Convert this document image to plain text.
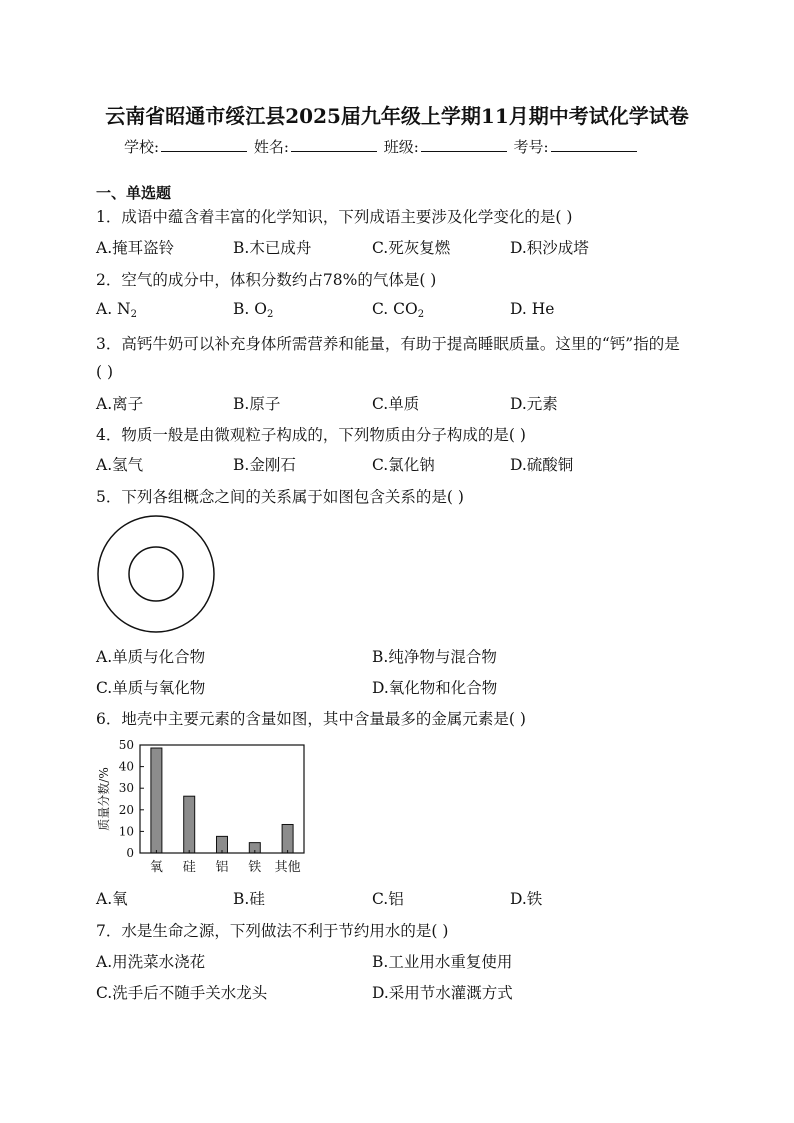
云南省昭通市绥江县2025届九年级上学期11月期中考试化学试卷
学校:	姓名:	班级:	考号:
一、单选题
1．成语中蕴含着丰富的化学知识，下列成语主要涉及化学变化的是( )
A.掩耳盗铃	B.木已成舟	C.死灰复燃	D.积沙成塔
2．空气的成分中，体积分数约占78%的气体是( )
A. $N_2$	B. $O_2$	C. $CO_2$	D. He
3．高钙牛奶可以补充身体所需营养和能量，有助于提高睡眠质量。这里的“钙”指的是
( )
A.离子	B.原子	C.单质	D.元素
4．物质一般是由微观粒子构成的，下列物质由分子构成的是( )
A.氢气	B.金刚石	C.氯化钠	D.硫酸铜
5．下列各组概念之间的关系属于如图包含关系的是( )
A.单质与化合物	B.纯净物与混合物
C.单质与氧化物	D.氧化物和化合物
6．地壳中主要元素的含量如图，其中含量最多的金属元素是( )
0
10
20
30
40
50
质量分数/%
氧 硅 铝 铁 其他
A.氧	B.硅	C.铝	D.铁
7．水是生命之源，下列做法不利于节约用水的是( )
A.用洗菜水浇花	B.工业用水重复使用
C.洗手后不随手关水龙头	D.采用节水灌溉方式
